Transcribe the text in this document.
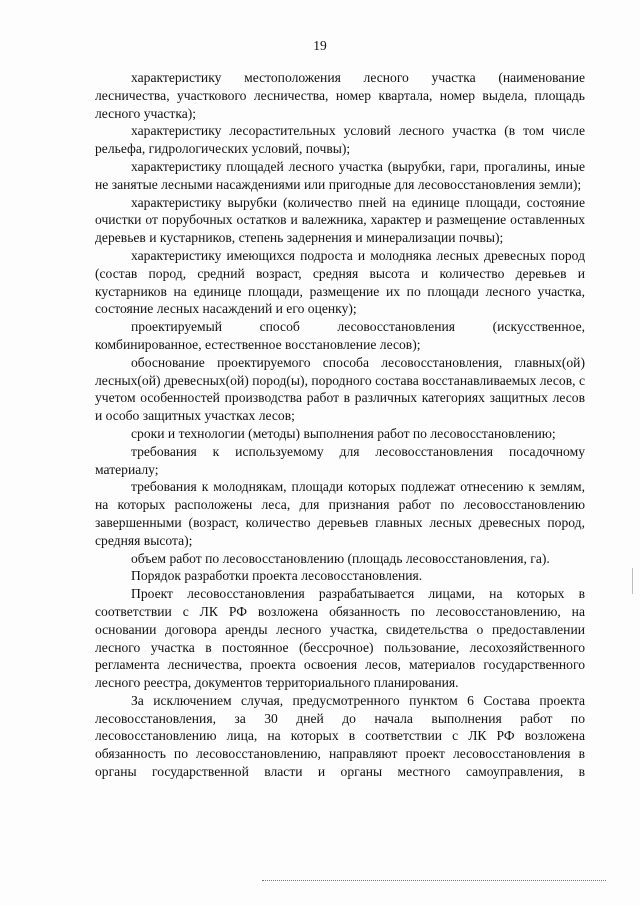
19

характеристику местоположения лесного участка (наименование лесничества, участкового лесничества, номер квартала, номер выдела, площадь лесного участка);

характеристику лесорастительных условий лесного участка (в том числе рельефа, гидрологических условий, почвы);

характеристику площадей лесного участка (вырубки, гари, прогалины, иные не занятые лесными насаждениями или пригодные для лесовосстановления земли);

характеристику вырубки (количество пней на единице площади, состояние очистки от порубочных остатков и валежника, характер и размещение оставленных деревьев и кустарников, степень задернения и минерализации почвы);

характеристику имеющихся подроста и молодняка лесных древесных пород (состав пород, средний возраст, средняя высота и количество деревьев и кустарников на единице площади, размещение их по площади лесного участка, состояние лесных насаждений и его оценку);

проектируемый способ лесовосстановления (искусственное, комбинированное, естественное восстановление лесов);

обоснование проектируемого способа лесовосстановления, главных(ой) лесных(ой) древесных(ой) пород(ы), породного состава восстанавливаемых лесов, с учетом особенностей производства работ в различных категориях защитных лесов и особо защитных участках лесов;

сроки и технологии (методы) выполнения работ по лесовосстановлению;

требования к используемому для лесовосстановления посадочному материалу;

требования к молоднякам, площади которых подлежат отнесению к землям, на которых расположены леса, для признания работ по лесовосстановлению завершенными (возраст, количество деревьев главных лесных древесных пород, средняя высота);

объем работ по лесовосстановлению (площадь лесовосстановления, га).

Порядок разработки проекта лесовосстановления.

Проект лесовосстановления разрабатывается лицами, на которых в соответствии с ЛК РФ возложена обязанность по лесовосстановлению, на основании договора аренды лесного участка, свидетельства о предоставлении лесного участка в постоянное (бессрочное) пользование, лесохозяйственного регламента лесничества, проекта освоения лесов, материалов государственного лесного реестра, документов территориального планирования.

За исключением случая, предусмотренного пунктом 6 Состава проекта лесовосстановления, за 30 дней до начала выполнения работ по лесовосстановлению лица, на которых в соответствии с ЛК РФ возложена обязанность по лесовосстановлению, направляют проект лесовосстановления в органы государственной власти и органы местного самоуправления, в
